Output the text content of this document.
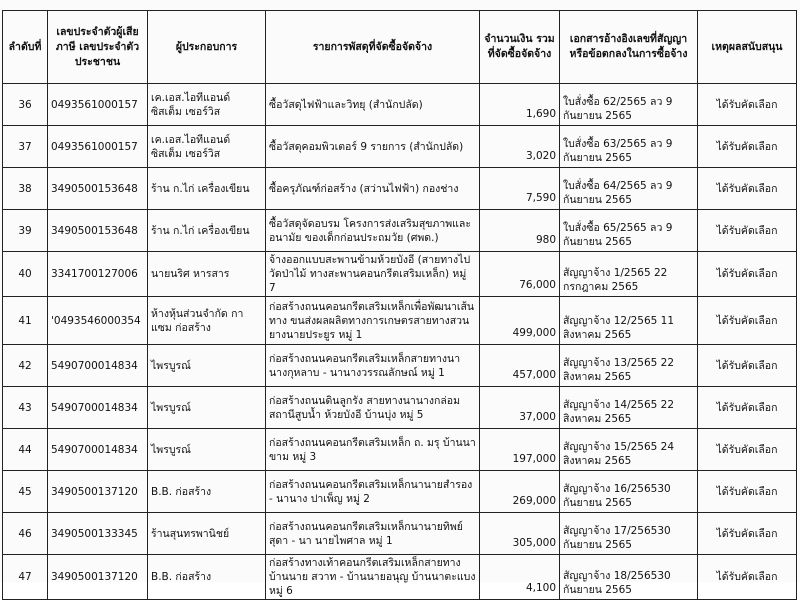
ลำดับที่	เลขประจำตัวผู้เสียภาษี เลขประจำตัวประชาชน	ผู้ประกอบการ	รายการพัสดุที่จัดซื้อจัดจ้าง	จำนวนเงิน รวมที่จัดซื้อจัดจ้าง	เอกสารอ้างอิงเลขที่สัญญา หรือข้อตกลงในการซื้อจ้าง	เหตุผลสนับสนุน
36	0493561000157	เค.เอส.ไอทีแอนด์ ซิสเต็ม เซอร์วิส	ซื้อวัสดุไฟฟ้าและวิทยุ (สำนักปลัด)	1,690	ใบสั่งซื้อ 62/2565 ลว 9 กันยายน 2565	ได้รับคัดเลือก
37	0493561000157	เค.เอส.ไอทีแอนด์ ซิสเต็ม เซอร์วิส	ซื้อวัสดุคอมพิวเตอร์ 9 รายการ (สำนักปลัด)	3,020	ใบสั่งซื้อ 63/2565 ลว 9 กันยายน 2565	ได้รับคัดเลือก
38	3490500153648	ร้าน ก.ไก่ เครื่องเขียน	ซื้อครุภัณฑ์ก่อสร้าง (สว่านไฟฟ้า) กองช่าง	7,590	ใบสั่งซื้อ 64/2565 ลว 9 กันยายน 2565	ได้รับคัดเลือก
39	3490500153648	ร้าน ก.ไก่ เครื่องเขียน	ซื้อวัสดุจัดอบรม โครงการส่งเสริมสุขภาพและอนามัย ของเด็กก่อนประถมวัย (ศพด.)	980	ใบสั่งซื้อ 65/2565 ลว 9 กันยายน 2565	ได้รับคัดเลือก
40	3341700127006	นายนริศ หารสาร	จ้างออกแบบสะพานข้ามห้วยบังอี (สายทางไปวัดป่าไม้ ทางสะพานคอนกรีตเสริมเหล็ก) หมู่ 7	76,000	สัญญาจ้าง 1/2565 22 กรกฎาคม 2565	ได้รับคัดเลือก
41	'0493546000354	ห้างหุ้นส่วนจำกัด กาแซม ก่อสร้าง	ก่อสร้างถนนคอนกรีตเสริมเหล็กเพื่อพัฒนาเส้นทาง ขนส่งผลผลิตทางการเกษตรสายทางสวนยางนายประยูร หมู่ 1	499,000	สัญญาจ้าง 12/2565 11 สิงหาคม 2565	ได้รับคัดเลือก
42	5490700014834	ไพรบูรณ์	ก่อสร้างถนนคอนกรีตเสริมเหล็กสายทางนานางกุหลาบ - นานางวรรณลักษณ์ หมู่ 1	457,000	สัญญาจ้าง 13/2565 22 สิงหาคม 2565	ได้รับคัดเลือก
43	5490700014834	ไพรบูรณ์	ก่อสร้างถนนดินลูกรัง สายทางนานางกล่อมสถานีสูบน้ำ ห้วยบังอี บ้านบุ่ง หมู่ 5	37,000	สัญญาจ้าง 14/2565 22 สิงหาคม 2565	ได้รับคัดเลือก
44	5490700014834	ไพรบูรณ์	ก่อสร้างถนนคอนกรีตเสริมเหล็ก ถ. มรุ บ้านนาขาม หมู่ 3	197,000	สัญญาจ้าง 15/2565 24 สิงหาคม 2565	ได้รับคัดเลือก
45	3490500137120	B.B. ก่อสร้าง	ก่อสร้างถนนคอนกรีตเสริมเหล็กนานายสำรอง - นานาง ปาเพ็ญ หมู่ 2	269,000	สัญญาจ้าง 16/256530 กันยายน 2565	ได้รับคัดเลือก
46	3490500133345	ร้านสุนทรพานิชย์	ก่อสร้างถนนคอนกรีตเสริมเหล็กนานายทิพย์สุดา - นา นายไพศาล หมู่ 1	305,000	สัญญาจ้าง 17/256530 กันยายน 2565	ได้รับคัดเลือก
47	3490500137120	B.B. ก่อสร้าง	ก่อสร้างทางเท้าคอนกรีตเสริมเหล็กสายทางบ้านนาย สวาท - บ้านนายอนุญ บ้านนาตะแบง หมู่ 6	4,100	สัญญาจ้าง 18/256530 กันยายน 2565	ได้รับคัดเลือก
